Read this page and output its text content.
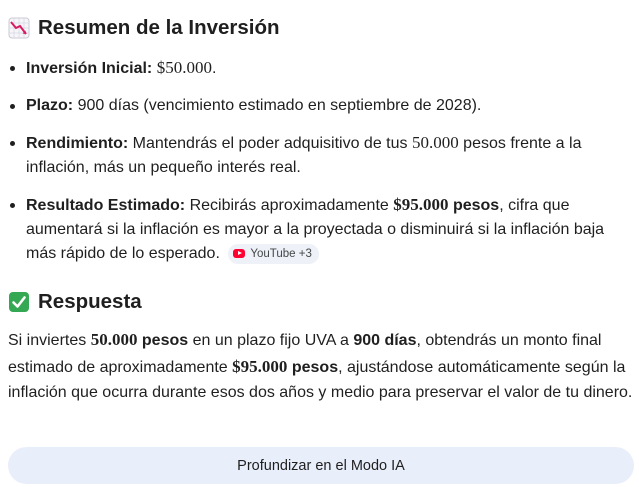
Resumen de la Inversión
Inversión Inicial: $50.000.
Plazo: 900 días (vencimiento estimado en septiembre de 2028).
Rendimiento: Mantendrás el poder adquisitivo de tus 50.000 pesos frente a la inflación, más un pequeño interés real.
Resultado Estimado: Recibirás aproximadamente $95.000 pesos, cifra que aumentará si la inflación es mayor a la proyectada o disminuirá si la inflación baja más rápido de lo esperado.	YouTube +3
Respuesta

Si inviertes 50.000 pesos en un plazo fijo UVA a 900 días, obtendrás un monto final estimado de aproximadamente $95.000 pesos, ajustándose automáticamente según la inflación que ocurra durante esos dos años y medio para preservar el valor de tu dinero.

Profundizar en el Modo IA
